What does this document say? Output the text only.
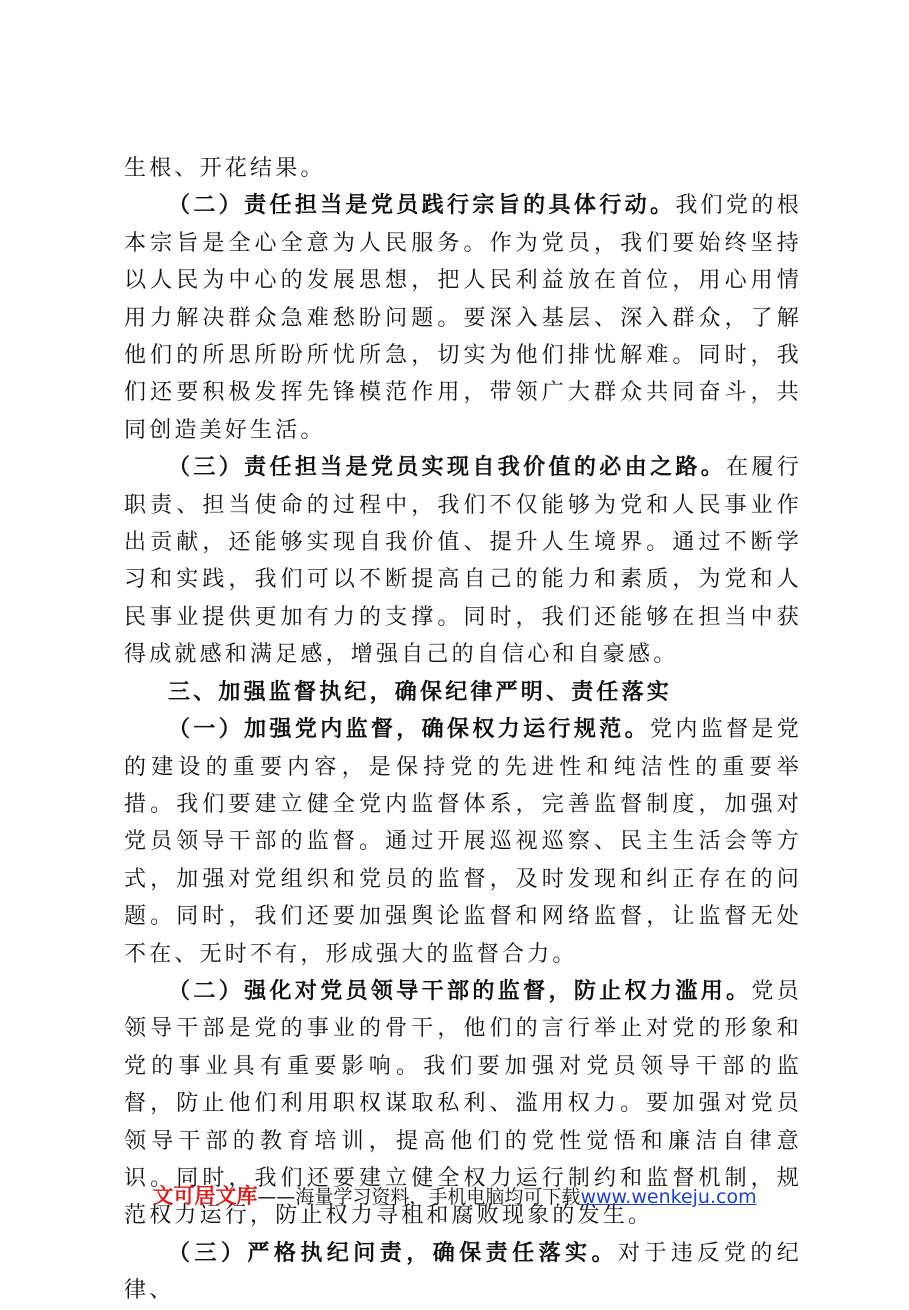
生根、开花结果。

（二）责任担当是党员践行宗旨的具体行动。我们党的根本宗旨是全心全意为人民服务。作为党员，我们要始终坚持以人民为中心的发展思想，把人民利益放在首位，用心用情用力解决群众急难愁盼问题。要深入基层、深入群众，了解他们的所思所盼所忧所急，切实为他们排忧解难。同时，我们还要积极发挥先锋模范作用，带领广大群众共同奋斗，共同创造美好生活。

（三）责任担当是党员实现自我价值的必由之路。在履行职责、担当使命的过程中，我们不仅能够为党和人民事业作出贡献，还能够实现自我价值、提升人生境界。通过不断学习和实践，我们可以不断提高自己的能力和素质，为党和人民事业提供更加有力的支撑。同时，我们还能够在担当中获得成就感和满足感，增强自己的自信心和自豪感。

三、加强监督执纪，确保纪律严明、责任落实

（一）加强党内监督，确保权力运行规范。党内监督是党的建设的重要内容，是保持党的先进性和纯洁性的重要举措。我们要建立健全党内监督体系，完善监督制度，加强对党员领导干部的监督。通过开展巡视巡察、民主生活会等方式，加强对党组织和党员的监督，及时发现和纠正存在的问题。同时，我们还要加强舆论监督和网络监督，让监督无处不在、无时不有，形成强大的监督合力。

（二）强化对党员领导干部的监督，防止权力滥用。党员领导干部是党的事业的骨干，他们的言行举止对党的形象和党的事业具有重要影响。我们要加强对党员领导干部的监督，防止他们利用职权谋取私利、滥用权力。要加强对党员领导干部的教育培训，提高他们的党性觉悟和廉洁自律意识。同时，我们还要建立健全权力运行制约和监督机制，规范权力运行，防止权力寻租和腐败现象的发生。

（三）严格执纪问责，确保责任落实。对于违反党的纪律、

文可居文库——海量学习资料，手机电脑均可下载www.wenkeju.com
